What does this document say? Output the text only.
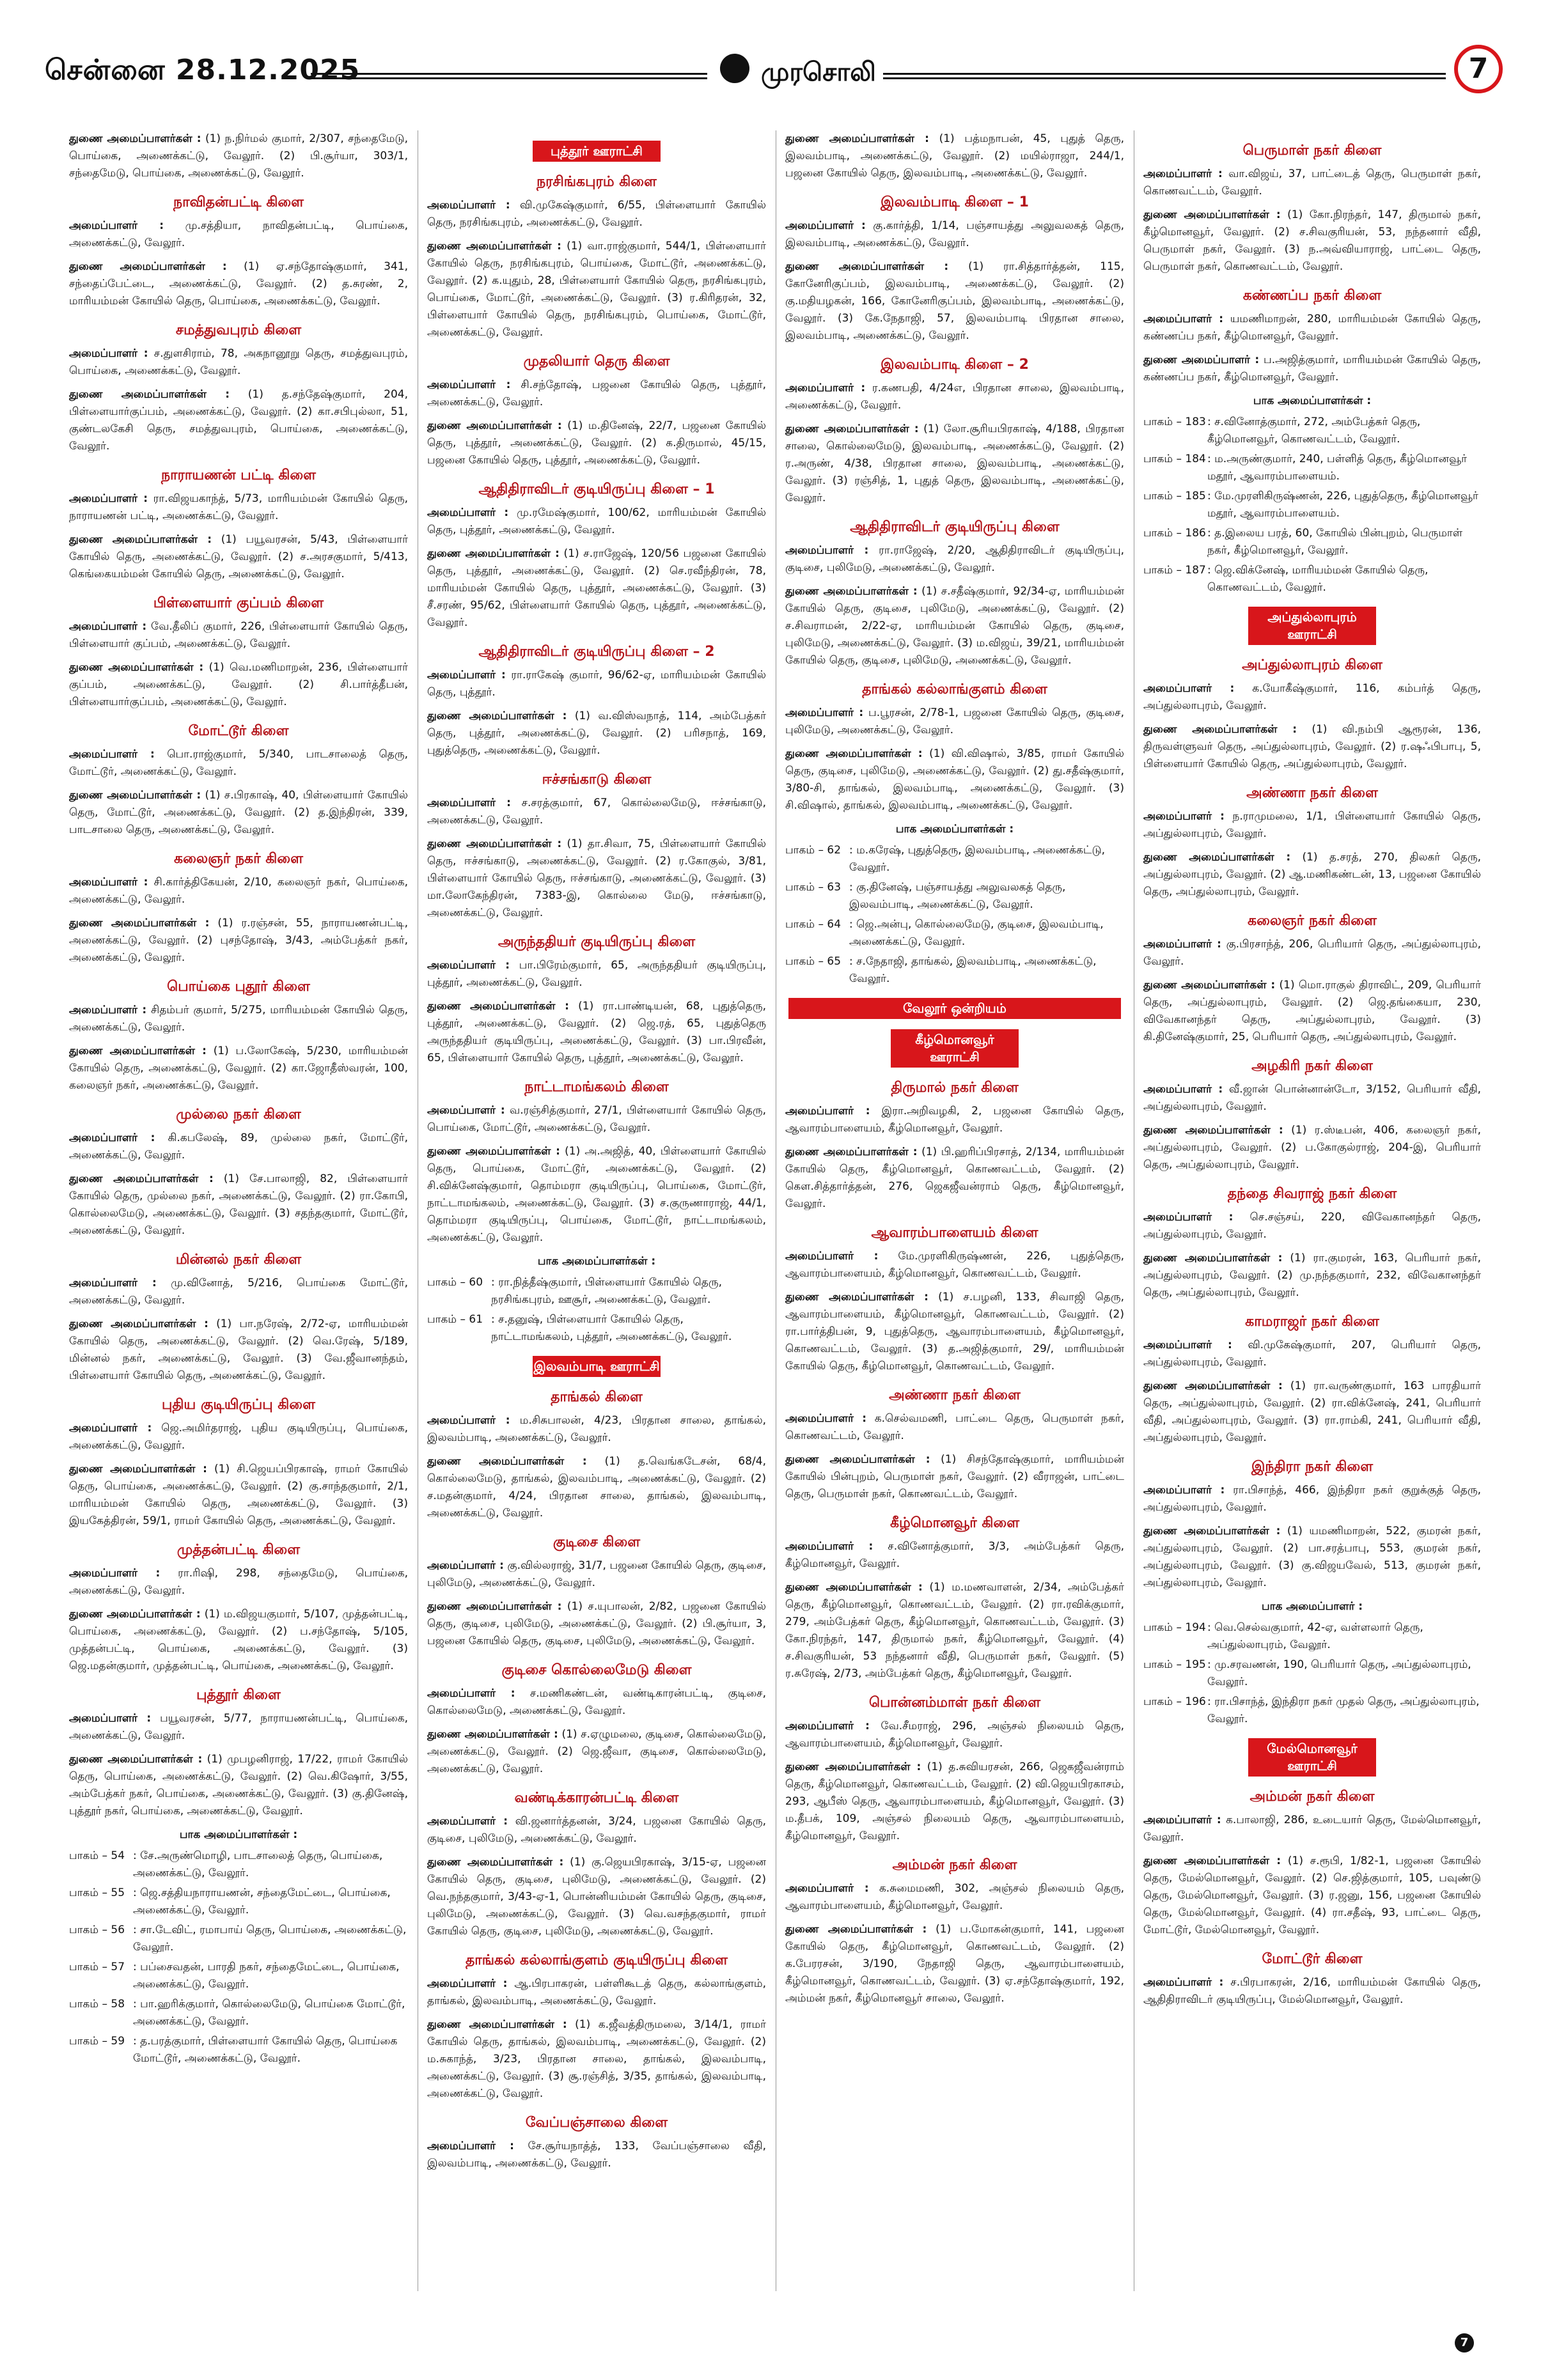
சென்னை 28.12.2025	முரசொலி	7
துணை அமைப்பாளர்கள் : (1) ந.நிர்மல் குமார், 2/307, சந்தைமேடு, பொய்கை, அணைக்கட்டு, வேலூர். (2) பி.சூர்யா, 303/1, சந்தைமேடு, பொய்கை, அணைக்கட்டு, வேலூர்.
நாவிதன்பட்டி கிளை
அமைப்பாளர் : மு.சத்தியா, நாவிதன்பட்டி, பொய்கை, அணைக்கட்டு, வேலூர்.
துணை அமைப்பாளர்கள் : (1) ஏ.சந்தோஷ்குமார், 341, சந்தைப்பேட்டை, அணைக்கட்டு, வேலூர். (2) த.சுரண், 2, மாரியம்மன் கோயில் தெரு, பொய்கை, அணைக்கட்டு, வேலூர்.
சமத்துவபுரம் கிளை
அமைப்பாளர் : ச.துளசிராம், 78, அகநானூறு தெரு, சமத்துவபுரம், பொய்கை, அணைக்கட்டு, வேலூர்.
துணை அமைப்பாளர்கள் : (1) த.சந்தேஷ்குமார், 204, பிள்ளையார்குப்பம், அணைக்கட்டு, வேலூர். (2) கா.சபிபுல்லா, 51, குண்டலகேசி தெரு, சமத்துவபுரம், பொய்கை, அணைக்கட்டு, வேலூர்.
நாராயணன் பட்டி கிளை
அமைப்பாளர் : ரா.விஜயகாந்த், 5/73, மாரியம்மன் கோயில் தெரு, நாராயணன் பட்டி, அணைக்கட்டு, வேலூர்.
துணை அமைப்பாளர்கள் : (1) பயூவரசன், 5/43, பிள்ளையார் கோயில் தெரு, அணைக்கட்டு, வேலூர். (2) ச.அரசகுமார், 5/413, கெங்கையம்மன் கோயில் தெரு, அணைக்கட்டு, வேலூர்.
பிள்ளையார் குப்பம் கிளை
அமைப்பாளர் : வே.தீலிப் குமார், 226, பிள்ளையார் கோயில் தெரு, பிள்ளையார் குப்பம், அணைக்கட்டு, வேலூர்.
துணை அமைப்பாளர்கள் : (1) வெ.மணிமாறன், 236, பிள்ளையார் குப்பம், அணைக்கட்டு, வேலூர். (2) சி.பார்த்தீபன், பிள்ளையார்குப்பம், அணைக்கட்டு, வேலூர்.
மோட்டூர் கிளை
அமைப்பாளர் : பொ.ராஜ்குமார், 5/340, பாடசாலைத் தெரு, மோட்டூர், அணைக்கட்டு, வேலூர்.
துணை அமைப்பாளர்கள் : (1) ச.பிரகாஷ், 40, பிள்ளையார் கோயில் தெரு, மோட்டூர், அணைக்கட்டு, வேலூர். (2) த.இந்திரன், 339, பாடசாலை தெரு, அணைக்கட்டு, வேலூர்.
கலைஞர் நகர் கிளை
அமைப்பாளர் : சி.கார்த்திகேயன், 2/10, கலைஞர் நகர், பொய்கை, அணைக்கட்டு, வேலூர்.
துணை அமைப்பாளர்கள் : (1) ர.ரஞ்சன், 55, நாராயணன்பட்டி, அணைக்கட்டு, வேலூர். (2) புசந்தோஷ், 3/43, அம்பேத்கர் நகர், அணைக்கட்டு, வேலூர்.
பொய்கை புதூர் கிளை
அமைப்பாளர் : சிதம்பர் குமார், 5/275, மாரியம்மன் கோயில் தெரு, அணைக்கட்டு, வேலூர்.
துணை அமைப்பாளர்கள் : (1) ப.லோகேஷ், 5/230, மாரியம்மன் கோயில் தெரு, அணைக்கட்டு, வேலூர். (2) கா.ஜோதீஸ்வரன், 100, கலைஞர் நகர், அணைக்கட்டு, வேலூர்.
முல்லை நகர் கிளை
அமைப்பாளர் : கி.கபலேஷ், 89, முல்லை நகர், மோட்டூர், அணைக்கட்டு, வேலூர்.
துணை அமைப்பாளர்கள் : (1) சே.பாலாஜி, 82, பிள்ளையார் கோயில் தெரு, முல்லை நகர், அணைக்கட்டு, வேலூர். (2) ரா.கோபி, கொல்லைமேடு, அணைக்கட்டு, வேலூர். (3) சதந்தகுமார், மோட்டூர், அணைக்கட்டு, வேலூர்.
மின்னல் நகர் கிளை
அமைப்பாளர் : மு.வினோத், 5/216, பொய்கை மோட்டூர், அணைக்கட்டு, வேலூர்.
துணை அமைப்பாளர்கள் : (1) பா.நரேஷ், 2/72-ஏ, மாரியம்மன் கோயில் தெரு, அணைக்கட்டு, வேலூர். (2) வெ.ரேஷ், 5/189, மின்னல் நகர், அணைக்கட்டு, வேலூர். (3) வே.ஜீவானந்தம், பிள்ளையார் கோயில் தெரு, அணைக்கட்டு, வேலூர்.
புதிய குடியிருப்பு கிளை
அமைப்பாளர் : ஜெ.அமிர்தராஜ், புதிய குடியிருப்பு, பொய்கை, அணைக்கட்டு, வேலூர்.
துணை அமைப்பாளர்கள் : (1) சி.ஜெயப்பிரகாஷ், ராமர் கோயில் தெரு, பொய்கை, அணைக்கட்டு, வேலூர். (2) கு.சாந்தகுமார், 2/1, மாரியம்மன் கோயில் தெரு, அணைக்கட்டு, வேலூர். (3) இயகேத்திரன், 59/1, ராமர் கோயில் தெரு, அணைக்கட்டு, வேலூர்.
முத்தன்பட்டி கிளை
அமைப்பாளர் : ரா.ரிஷி, 298, சந்தைமேடு, பொய்கை, அணைக்கட்டு, வேலூர்.
துணை அமைப்பாளர்கள் : (1) ம.விஜயகுமார், 5/107, முத்தன்பட்டி, பொய்கை, அணைக்கட்டு, வேலூர். (2) ப.சந்தோஷ், 5/105, முத்தன்பட்டி, பொய்கை, அணைக்கட்டு, வேலூர். (3) ஜெ.மதன்குமார், முத்தன்பட்டி, பொய்கை, அணைக்கட்டு, வேலூர்.
புத்தூர் கிளை
அமைப்பாளர் : பயூவரசன், 5/77, நாராயணன்பட்டி, பொய்கை, அணைக்கட்டு, வேலூர்.
துணை அமைப்பாளர்கள் : (1) முபழனிராஜ், 17/22, ராமர் கோயில் தெரு, பொய்கை, அணைக்கட்டு, வேலூர். (2) வெ.கிஷோர், 3/55, அம்பேத்கர் நகர், பொய்கை, அணைக்கட்டு, வேலூர். (3) கு.தினேஷ், புத்தூர் நகர், பொய்கை, அணைக்கட்டு, வேலூர்.
பாக அமைப்பாளர்கள் :
பாகம் – 54 : சே.அருண்மொழி, பாடசாலைத் தெரு, பொய்கை, அணைக்கட்டு, வேலூர்.
பாகம் – 55 : ஜெ.சத்தியநாராயணன், சந்தைமேட்டை, பொய்கை, அணைக்கட்டு, வேலூர்.
பாகம் – 56 : சா.டேவிட், ரமாபாய் தெரு, பொய்கை, அணைக்கட்டு, வேலூர்.
பாகம் – 57 : பப்சைவதன், பாரதி நகர், சந்தைமேட்டை, பொய்கை, அணைக்கட்டு, வேலூர்.
பாகம் – 58 : பா.ஹரிக்குமார், கொல்லைமேடு, பொய்கை மோட்டூர், அணைக்கட்டு, வேலூர்.
பாகம் – 59 : த.பரத்குமார், பிள்ளையார் கோயில் தெரு, பொய்கை மோட்டூர், அணைக்கட்டு, வேலூர்.
புத்தூர் ஊராட்சி
நரசிங்கபுரம் கிளை
அமைப்பாளர் : வி.முகேஷ்குமார், 6/55, பிள்ளையார் கோயில் தெரு, நரசிங்கபுரம், அணைக்கட்டு, வேலூர்.
துணை அமைப்பாளர்கள் : (1) வா.ராஜ்குமார், 544/1, பிள்ளையார் கோயில் தெரு, நரசிங்கபுரம், பொய்கை, மோட்டூர், அணைக்கட்டு, வேலூர். (2) க.யுதும், 28, பிள்ளையார் கோயில் தெரு, நரசிங்கபுரம், பொய்கை, மோட்டூர், அணைக்கட்டு, வேலூர். (3) ர.கிரிதரன், 32, பிள்ளையார் கோயில் தெரு, நரசிங்கபுரம், பொய்கை, மோட்டூர், அணைக்கட்டு, வேலூர்.
முதலியார் தெரு கிளை
அமைப்பாளர் : சி.சந்தோஷ், பஜனை கோயில் தெரு, புத்தூர், அணைக்கட்டு, வேலூர்.
துணை அமைப்பாளர்கள் : (1) ம.தினேஷ், 22/7, பஜனை கோயில் தெரு, புத்தூர், அணைக்கட்டு, வேலூர். (2) க.திருமால், 45/15, பஜனை கோயில் தெரு, புத்தூர், அணைக்கட்டு, வேலூர்.
ஆதிதிராவிடர் குடியிருப்பு கிளை – 1
அமைப்பாளர் : மு.ரமேஷ்குமார், 100/62, மாரியம்மன் கோயில் தெரு, புத்தூர், அணைக்கட்டு, வேலூர்.
துணை அமைப்பாளர்கள் : (1) ச.ராஜேஷ், 120/56 பஜனை கோயில் தெரு, புத்தூர், அணைக்கட்டு, வேலூர். (2) செ.ரவீந்திரன், 78, மாரியம்மன் கோயில் தெரு, புத்தூர், அணைக்கட்டு, வேலூர். (3) சீ.சரண், 95/62, பிள்ளையார் கோயில் தெரு, புத்தூர், அணைக்கட்டு, வேலூர்.
ஆதிதிராவிடர் குடியிருப்பு கிளை – 2
அமைப்பாளர் : ரா.ராகேஷ் குமார், 96/62-ஏ, மாரியம்மன் கோயில் தெரு, புத்தூர்.
துணை அமைப்பாளர்கள் : (1) வ.விஸ்வநாத், 114, அம்பேத்கர் தெரு, புத்தூர், அணைக்கட்டு, வேலூர். (2) பரிசநாத், 169, புதுத்தெரு, அணைக்கட்டு, வேலூர்.
ஈச்சங்காடு கிளை
அமைப்பாளர் : ச.சரத்குமார், 67, கொல்லைமேடு, ஈச்சங்காடு, அணைக்கட்டு, வேலூர்.
துணை அமைப்பாளர்கள் : (1) தா.சிவா, 75, பிள்ளையார் கோயில் தெரு, ஈச்சங்காடு, அணைக்கட்டு, வேலூர். (2) ர.கோகுல், 3/81, பிள்ளையார் கோயில் தெரு, ஈச்சங்காடு, அணைக்கட்டு, வேலூர். (3) மா.லோகேந்திரன், 7383-இ, கொல்லை மேடு, ஈச்சங்காடு, அணைக்கட்டு, வேலூர்.
அருந்ததியர் குடியிருப்பு கிளை
அமைப்பாளர் : பா.பிரேம்குமார், 65, அருந்ததியர் குடியிருப்பு, புத்தூர், அணைக்கட்டு, வேலூர்.
துணை அமைப்பாளர்கள் : (1) ரா.பாண்டியன், 68, புதுத்தெரு, புத்தூர், அணைக்கட்டு, வேலூர். (2) ஜெ.ரத், 65, புதுத்தெரு அருந்ததியர் குடியிருப்பு, அணைக்கட்டு, வேலூர். (3) பா.பிரவீன், 65, பிள்ளையார் கோயில் தெரு, புத்தூர், அணைக்கட்டு, வேலூர்.
நாட்டாமங்கலம் கிளை
அமைப்பாளர் : வ.ரஞ்சித்குமார், 27/1, பிள்ளையார் கோயில் தெரு, பொய்கை, மோட்டூர், அணைக்கட்டு, வேலூர்.
துணை அமைப்பாளர்கள் : (1) அ.அஜித், 40, பிள்ளையார் கோயில் தெரு, பொய்கை, மோட்டூர், அணைக்கட்டு, வேலூர். (2) சி.விக்னேஷ்குமார், தொம்மரா குடியிருப்பு, பொய்கை, மோட்டூர், நாட்டாமங்கலம், அணைக்கட்டு, வேலூர். (3) ச.குருணாராஜ், 44/1, தொம்மரா குடியிருப்பு, பொய்கை, மோட்டூர், நாட்டாமங்கலம், அணைக்கட்டு, வேலூர்.
பாக அமைப்பாளர்கள் :
பாகம் – 60 : ரா.நித்தீஷ்குமார், பிள்ளையார் கோயில் தெரு, நரசிங்கபுரம், ஊசூர், அணைக்கட்டு, வேலூர்.
பாகம் – 61 : ச.தனுஷ், பிள்ளையார் கோயில் தெரு, நாட்டாமங்கலம், புத்தூர், அணைக்கட்டு, வேலூர்.
இலவம்பாடி ஊராட்சி
தாங்கல் கிளை
அமைப்பாளர் : ம.சிசுபாலன், 4/23, பிரதான சாலை, தாங்கல், இலவம்பாடி, அணைக்கட்டு, வேலூர்.
துணை அமைப்பாளர்கள் : (1) த.வெங்கடேசன், 68/4, கொல்லைமேடு, தாங்கல், இலவம்பாடி, அணைக்கட்டு, வேலூர். (2) ச.மதன்குமார், 4/24, பிரதான சாலை, தாங்கல், இலவம்பாடி, அணைக்கட்டு, வேலூர்.
குடிசை கிளை
அமைப்பாளர் : கு.வில்லராஜ், 31/7, பஜனை கோயில் தெரு, குடிசை, புலிமேடு, அணைக்கட்டு, வேலூர்.
துணை அமைப்பாளர்கள் : (1) ச.யுபாலன், 2/82, பஜனை கோயில் தெரு, குடிசை, புலிமேடு, அணைக்கட்டு, வேலூர். (2) பி.சூர்யா, 3, பஜனை கோயில் தெரு, குடிசை, புலிமேடு, அணைக்கட்டு, வேலூர்.
குடிசை கொல்லைமேடு கிளை
அமைப்பாளர் : ச.மணிகண்டன், வண்டிகாரன்பட்டி, குடிசை, கொல்லைமேடு, அணைக்கட்டு, வேலூர்.
துணை அமைப்பாளர்கள் : (1) ச.ஏழுமலை, குடிசை, கொல்லைமேடு, அணைக்கட்டு, வேலூர். (2) ஜெ.ஜீவா, குடிசை, கொல்லைமேடு, அணைக்கட்டு, வேலூர்.
வண்டிக்காரன்பட்டி கிளை
அமைப்பாளர் : வி.ஜனார்த்தனன், 3/24, பஜனை கோயில் தெரு, குடிசை, புலிமேடு, அணைக்கட்டு, வேலூர்.
துணை அமைப்பாளர்கள் : (1) கு.ஜெயபிரகாஷ், 3/15-ஏ, பஜனை கோயில் தெரு, குடிசை, புலிமேடு, அணைக்கட்டு, வேலூர். (2) வெ.நந்தகுமார், 3/43-ஏ-1, பொன்னியம்மன் கோயில் தெரு, குடிசை, புலிமேடு, அணைக்கட்டு, வேலூர். (3) வெ.வசந்தகுமார், ராமர் கோயில் தெரு, குடிசை, புலிமேடு, அணைக்கட்டு, வேலூர்.
தாங்கல் கல்லாங்குளம் குடியிருப்பு கிளை
அமைப்பாளர் : ஆ.பிரபாகரன், பள்ளிகூடத் தெரு, கல்லாங்குளம், தாங்கல், இலவம்பாடி, அணைக்கட்டு, வேலூர்.
துணை அமைப்பாளர்கள் : (1) க.ஜீவத்திருமலை, 3/14/1, ராமர் கோயில் தெரு, தாங்கல், இலவம்பாடி, அணைக்கட்டு, வேலூர். (2) ம.சுகாந்த், 3/23, பிரதான சாலை, தாங்கல், இலவம்பாடி, அணைக்கட்டு, வேலூர். (3) சூ.ரஞ்சித், 3/35, தாங்கல், இலவம்பாடி, அணைக்கட்டு, வேலூர்.
வேப்பஞ்சாலை கிளை
அமைப்பாளர் : சே.சூர்யநாத்த், 133, வேப்பஞ்சாலை வீதி, இலவம்பாடி, அணைக்கட்டு, வேலூர்.
துணை அமைப்பாளர்கள் : (1) பத்மநாபன், 45, புதுத் தெரு, இலவம்பாடி, அணைக்கட்டு, வேலூர். (2) மயில்ராஜா, 244/1, பஜனை கோயில் தெரு, இலவம்பாடி, அணைக்கட்டு, வேலூர்.
இலவம்பாடி கிளை – 1
அமைப்பாளர் : கு.கார்த்தி, 1/14, பஞ்சாயத்து அலுவலகத் தெரு, இலவம்பாடி, அணைக்கட்டு, வேலூர்.
துணை அமைப்பாளர்கள் : (1) ரா.சித்தார்த்தன், 115, கோனேரிகுப்பம், இலவம்பாடி, அணைக்கட்டு, வேலூர். (2) கு.மதியழகன், 166, கோனேரிகுப்பம், இலவம்பாடி, அணைக்கட்டு, வேலூர். (3) கே.நேதாஜி, 57, இலவம்பாடி பிரதான சாலை, இலவம்பாடி, அணைக்கட்டு, வேலூர்.
இலவம்பாடி கிளை – 2
அமைப்பாளர் : ர.கணபதி, 4/24எ, பிரதான சாலை, இலவம்பாடி, அணைக்கட்டு, வேலூர்.
துணை அமைப்பாளர்கள் : (1) லோ.சூரியபிரகாஷ், 4/188, பிரதான சாலை, கொல்லைமேடு, இலவம்பாடி, அணைக்கட்டு, வேலூர். (2) ர.அருண், 4/38, பிரதான சாலை, இலவம்பாடி, அணைக்கட்டு, வேலூர். (3) ரஞ்சித், 1, புதுத் தெரு, இலவம்பாடி, அணைக்கட்டு, வேலூர்.
ஆதிதிராவிடர் குடியிருப்பு கிளை
அமைப்பாளர் : ரா.ராஜேஷ், 2/20, ஆதிதிராவிடர் குடியிருப்பு, குடிசை, புலிமேடு, அணைக்கட்டு, வேலூர்.
துணை அமைப்பாளர்கள் : (1) ச.சதீஷ்குமார், 92/34-ஏ, மாரியம்மன் கோயில் தெரு, குடிசை, புலிமேடு, அணைக்கட்டு, வேலூர். (2) ச.சிவராமன், 2/22-ஏ, மாரியம்மன் கோயில் தெரு, குடிசை, புலிமேடு, அணைக்கட்டு, வேலூர். (3) ம.விஜய், 39/21, மாரியம்மன் கோயில் தெரு, குடிசை, புலிமேடு, அணைக்கட்டு, வேலூர்.
தாங்கல் கல்லாங்குளம் கிளை
அமைப்பாளர் : ப.பூரசன், 2/78-1, பஜனை கோயில் தெரு, குடிசை, புலிமேடு, அணைக்கட்டு, வேலூர்.
துணை அமைப்பாளர்கள் : (1) வி.விஷால், 3/85, ராமர் கோயில் தெரு, குடிசை, புலிமேடு, அணைக்கட்டு, வேலூர். (2) து.சதீஷ்குமார், 3/80-சி, தாங்கல், இலவம்பாடி, அணைக்கட்டு, வேலூர். (3) சி.விஷால், தாங்கல், இலவம்பாடி, அணைக்கட்டு, வேலூர்.
பாக அமைப்பாளர்கள் :
பாகம் – 62 : ம.கரேஷ், புதுத்தெரு, இலவம்பாடி, அணைக்கட்டு, வேலூர்.
பாகம் – 63 : கு.தினேஷ், பஞ்சாயத்து அலுவலகத் தெரு, இலவம்பாடி, அணைக்கட்டு, வேலூர்.
பாகம் – 64 : ஜெ.அன்பு, கொல்லைமேடு, குடிசை, இலவம்பாடி, அணைக்கட்டு, வேலூர்.
பாகம் – 65 : ச.நேதாஜி, தாங்கல், இலவம்பாடி, அணைக்கட்டு, வேலூர்.
வேலூர் ஒன்றியம்
கீழ்மொனவூர் ஊராட்சி
திருமால் நகர் கிளை
அமைப்பாளர் : இரா.அறிவழகி, 2, பஜனை கோயில் தெரு, ஆவாரம்பாளையம், கீழ்மொனவூர், வேலூர்.
துணை அமைப்பாளர்கள் : (1) பி.ஹரிப்பிரசாத், 2/134, மாரியம்மன் கோயில் தெரு, கீழ்மொனவூர், கொணவட்டம், வேலூர். (2) கௌ.சித்தார்த்தன், 276, ஜெகஜீவன்ராம் தெரு, கீழ்மொனவூர், வேலூர்.
ஆவாரம்பாளையம் கிளை
அமைப்பாளர் : மே.முரளிகிருஷ்ணன், 226, புதுத்தெரு, ஆவாரம்பாளையம், கீழ்மொனவூர், கொணவட்டம், வேலூர்.
துணை அமைப்பாளர்கள் : (1) ச.பழனி, 133, சிவாஜி தெரு, ஆவாரம்பாளையம், கீழ்மொனவூர், கொணவட்டம், வேலூர். (2) ரா.பார்த்திபன், 9, புதுத்தெரு, ஆவாரம்பாளையம், கீழ்மொனவூர், கொணவட்டம், வேலூர். (3) த.அஜித்குமார், 29/, மாரியம்மன் கோயில் தெரு, கீழ்மொனவூர், கொணவட்டம், வேலூர்.
அண்ணா நகர் கிளை
அமைப்பாளர் : க.செல்வமணி, பாட்டை தெரு, பெருமாள் நகர், கொணவட்டம், வேலூர்.
துணை அமைப்பாளர்கள் : (1) சிசந்தோஷ்குமார், மாரியம்மன் கோயில் பின்புறம், பெருமாள் நகர், வேலூர். (2) வீராஜன், பாட்டை தெரு, பெருமாள் நகர், கொணவட்டம், வேலூர்.
கீழ்மொனவூர் கிளை
அமைப்பாளர் : ச.வினோத்குமார், 3/3, அம்பேத்கர் தெரு, கீழ்மொனவூர், வேலூர்.
துணை அமைப்பாளர்கள் : (1) ம.மணவாளன், 2/34, அம்பேத்கர் தெரு, கீழ்மொனவூர், கொணவட்டம், வேலூர். (2) ரா.ரவிக்குமார், 279, அம்பேத்கர் தெரு, கீழ்மொனவூர், கொணவட்டம், வேலூர். (3) கோ.நிரந்தர், 147, திருமால் நகர், கீழ்மொனவூர், வேலூர். (4) ச.சிவகுரியன், 53 நந்தனார் வீதி, பெருமாள் நகர், வேலூர். (5) ர.சுரேஷ், 2/73, அம்பேத்கர் தெரு, கீழ்மொனவூர், வேலூர்.
பொன்னம்மாள் நகர் கிளை
அமைப்பாளர் : வே.சீமராஜ், 296, அஞ்சல் நிலையம் தெரு, ஆவாரம்பாளையம், கீழ்மொனவூர், வேலூர்.
துணை அமைப்பாளர்கள் : (1) த.சுவியரசன், 266, ஜெகஜீவன்ராம் தெரு, கீழ்மொனவூர், கொணவட்டம், வேலூர். (2) வி.ஜெயபிரகாசம், 293, ஆபீஸ் தெரு, ஆவாரம்பாளையம், கீழ்மொனவூர், வேலூர். (3) ம.தீபக், 109, அஞ்சல் நிலையம் தெரு, ஆவாரம்பாளையம், கீழ்மொனவூர், வேலூர்.
அம்மன் நகர் கிளை
அமைப்பாளர் : க.சுமைமணி, 302, அஞ்சல் நிலையம் தெரு, ஆவாரம்பாளையம், கீழ்மொனவூர், வேலூர்.
துணை அமைப்பாளர்கள் : (1) ப.மோகன்குமார், 141, பஜனை கோயில் தெரு, கீழ்மொனவூர், கொணவட்டம், வேலூர். (2) க.பேரரசன், 3/190, நேதாஜி தெரு, ஆவாரம்பாளையம், கீழ்மொனவூர், கொணவட்டம், வேலூர். (3) ஏ.சந்தோஷ்குமார், 192, அம்மன் நகர், கீழ்மொனவூர் சாலை, வேலூர்.
பெருமாள் நகர் கிளை
அமைப்பாளர் : வா.விஜய், 37, பாட்டைத் தெரு, பெருமாள் நகர், கொணவட்டம், வேலூர்.
துணை அமைப்பாளர்கள் : (1) கோ.நிரந்தர், 147, திருமால் நகர், கீழ்மொனவூர், வேலூர். (2) ச.சிவகுரியன், 53, நந்தனார் வீதி, பெருமாள் நகர், வேலூர். (3) ந.அவ்வியாராஜ், பாட்டை தெரு, பெருமாள் நகர், கொணவட்டம், வேலூர்.
கண்ணப்ப நகர் கிளை
அமைப்பாளர் : யமணிமாறன், 280, மாரியம்மன் கோயில் தெரு, கண்ணப்ப நகர், கீழ்மொனவூர், வேலூர்.
துணை அமைப்பாளர் : ப.அஜித்குமார், மாரியம்மன் கோயில் தெரு, கண்ணப்ப நகர், கீழ்மொனவூர், வேலூர்.
பாக அமைப்பாளர்கள் :
பாகம் – 183 : ச.வினோத்குமார், 272, அம்பேத்கர் தெரு, கீழ்மொனவூர், கொணவட்டம், வேலூர்.
பாகம் – 184 : ம.அருண்குமார், 240, பள்ளித் தெரு, கீழ்மொனவூர் மதூர், ஆவாரம்பாளையம்.
பாகம் – 185 : மே.முரளிகிருஷ்ணன், 226, புதுத்தெரு, கீழ்மொனவூர் மதூர், ஆவாரம்பாளையம்.
பாகம் – 186 : த.இலைய பரத், 60, கோயில் பின்புறம், பெருமாள் நகர், கீழ்மொனவூர், வேலூர்.
பாகம் – 187 : ஜெ.விக்னேஷ், மாரியம்மன் கோயில் தெரு, கொணவட்டம், வேலூர்.
அப்துல்லாபுரம் ஊராட்சி
அப்துல்லாபுரம் கிளை
அமைப்பாளர் : க.யோகீஷ்குமார், 116, கம்பர்த் தெரு, அப்துல்லாபுரம், வேலூர்.
துணை அமைப்பாளர்கள் : (1) வி.நம்பி ஆரூரன், 136, திருவள்ளுவர் தெரு, அப்துல்லாபுரம், வேலூர். (2) ர.ஷஃபிபாபு, 5, பிள்ளையார் கோயில் தெரு, அப்துல்லாபுரம், வேலூர்.
அண்ணா நகர் கிளை
அமைப்பாளர் : ந.ராமுமலை, 1/1, பிள்ளையார் கோயில் தெரு, அப்துல்லாபுரம், வேலூர்.
துணை அமைப்பாளர்கள் : (1) த.சரத், 270, திலகர் தெரு, அப்துல்லாபுரம், வேலூர். (2) ஆ.மணிகண்டன், 13, பஜனை கோயில் தெரு, அப்துல்லாபுரம், வேலூர்.
கலைஞர் நகர் கிளை
அமைப்பாளர் : கு.பிரசாந்த், 206, பெரியார் தெரு, அப்துல்லாபுரம், வேலூர்.
துணை அமைப்பாளர்கள் : (1) மொ.ராகுல் திராவிட், 209, பெரியார் தெரு, அப்துல்லாபுரம், வேலூர். (2) ஜெ.தங்கையா, 230, விவேகானந்தர் தெரு, அப்துல்லாபுரம், வேலூர். (3) கி.தினேஷ்குமார், 25, பெரியார் தெரு, அப்துல்லாபுரம், வேலூர்.
அழகிரி நகர் கிளை
அமைப்பாளர் : வீ.ஜான் பொன்னான்டோ, 3/152, பெரியார் வீதி, அப்துல்லாபுரம், வேலூர்.
துணை அமைப்பாளர்கள் : (1) ர.ஸ்டீபன், 406, கலைஞர் நகர், அப்துல்லாபுரம், வேலூர். (2) ப.கோகுல்ராஜ், 204-இ, பெரியார் தெரு, அப்துல்லாபுரம், வேலூர்.
தந்தை சிவராஜ் நகர் கிளை
அமைப்பாளர் : செ.சஞ்சய், 220, விவேகானந்தர் தெரு, அப்துல்லாபுரம், வேலூர்.
துணை அமைப்பாளர்கள் : (1) ரா.குமரன், 163, பெரியார் நகர், அப்துல்லாபுரம், வேலூர். (2) மு.நந்தகுமார், 232, விவேகானந்தர் தெரு, அப்துல்லாபுரம், வேலூர்.
காமராஜர் நகர் கிளை
அமைப்பாளர் : வி.முகேஷ்குமார், 207, பெரியார் தெரு, அப்துல்லாபுரம், வேலூர்.
துணை அமைப்பாளர்கள் : (1) ரா.வருண்குமார், 163 பாரதியார் தெரு, அப்துல்லாபுரம், வேலூர். (2) ரா.விக்னேஷ், 241, பெரியார் வீதி, அப்துல்லாபுரம், வேலூர். (3) ரா.ராம்கி, 241, பெரியார் வீதி, அப்துல்லாபுரம், வேலூர்.
இந்திரா நகர் கிளை
அமைப்பாளர் : ரா.பிசாந்த், 466, இந்திரா நகர் குறுக்குத் தெரு, அப்துல்லாபுரம், வேலூர்.
துணை அமைப்பாளர்கள் : (1) யமணிமாறன், 522, குமரன் நகர், அப்துல்லாபுரம், வேலூர். (2) பா.சரத்பாபு, 553, குமரன் நகர், அப்துல்லாபுரம், வேலூர். (3) கு.விஜயவேல், 513, குமரன் நகர், அப்துல்லாபுரம், வேலூர்.
பாக அமைப்பாளர் :
பாகம் – 194 : வெ.செல்வகுமார், 42-ஏ, வள்ளலார் தெரு, அப்துல்லாபுரம், வேலூர்.
பாகம் – 195 : மு.சரவணன், 190, பெரியார் தெரு, அப்துல்லாபுரம், வேலூர்.
பாகம் – 196 : ரா.பிசாந்த், இந்திரா நகர் முதல் தெரு, அப்துல்லாபுரம், வேலூர்.
மேல்மொனவூர் ஊராட்சி
அம்மன் நகர் கிளை
அமைப்பாளர் : க.பாலாஜி, 286, உடையார் தெரு, மேல்மொனவூர், வேலூர்.
துணை அமைப்பாளர்கள் : (1) ச.ரூபி, 1/82-1, பஜனை கோயில் தெரு, மேல்மொனவூர், வேலூர். (2) செ.ஜித்குமார், 105, பவுண்டு தெரு, மேல்மொனவூர், வேலூர். (3) ர.ஜனு, 156, பஜனை கோயில் தெரு, மேல்மொனவூர், வேலூர். (4) ரா.சதீஷ், 93, பாட்டை தெரு, மோட்டூர், மேல்மொனவூர், வேலூர்.
மோட்டூர் கிளை
அமைப்பாளர் : ச.பிரபாகரன், 2/16, மாரியம்மன் கோயில் தெரு, ஆதிதிராவிடர் குடியிருப்பு, மேல்மொனவூர், வேலூர்.
7
